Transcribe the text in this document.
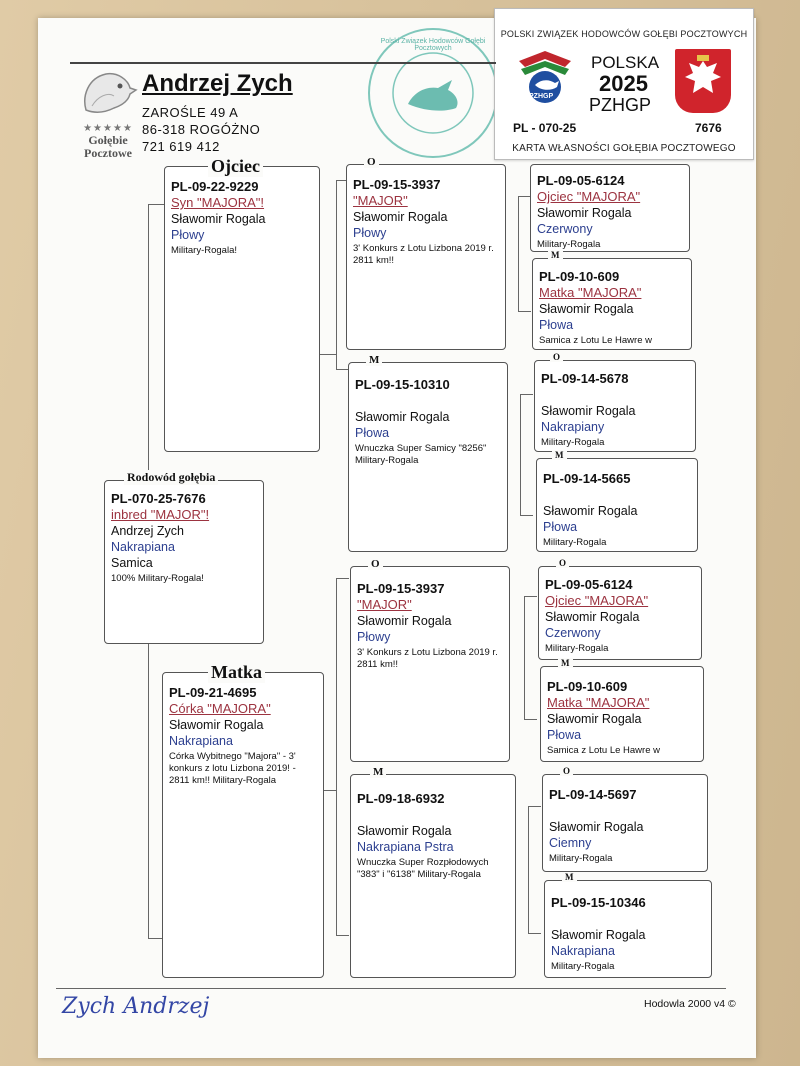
★★★★★
Gołębie
Pocztowe
Andrzej Zych
ZAROŚLE 49 A
86-318 ROGÓŻNO
721 619 412
Polski Związek Hodowców Gołębi Pocztowych
POLSKI ZWIĄZEK HODOWCÓW GOŁĘBI POCZTOWYCH
PZHGP
POLSKA
2025
PZHGP
PL - 070-25	7676
KARTA WŁASNOŚCI GOŁĘBIA POCZTOWEGO
PL-070-25-7676
inbred "MAJOR"!
Andrzej Zych
Nakrapiana
Samica
100% Military-Rogala!
Rodowód gołębia
PL-09-22-9229
Syn "MAJORA"!
Sławomir Rogala
Płowy
Military-Rogala!
Ojciec
PL-09-21-4695
Córka "MAJORA"
Sławomir Rogala
Nakrapiana
Córka Wybitnego "Majora" - 3' konkurs z lotu Lizbona 2019! - 2811 km!! Military-Rogala
Matka
PL-09-15-3937
"MAJOR"
Sławomir Rogala
Płowy
3' Konkurs z Lotu Lizbona 2019 r. 2811 km!!
O
PL-09-15-10310
Sławomir Rogala
Płowa
Wnuczka Super Samicy "8256" Military-Rogala
M
PL-09-15-3937
"MAJOR"
Sławomir Rogala
Płowy
3' Konkurs z Lotu Lizbona 2019 r. 2811 km!!
O
PL-09-18-6932
Sławomir Rogala
Nakrapiana Pstra
Wnuczka Super Rozpłodowych "383" i "6138" Military-Rogala
M
PL-09-05-6124
Ojciec "MAJORA"
Sławomir Rogala
Czerwony
Military-Rogala
PL-09-10-609
Matka "MAJORA"
Sławomir Rogala
Płowa
Samica z Lotu Le Hawre w
M
PL-09-14-5678
Sławomir Rogala
Nakrapiany
Military-Rogala
O
PL-09-14-5665
Sławomir Rogala
Płowa
Military-Rogala
M
PL-09-05-6124
Ojciec "MAJORA"
Sławomir Rogala
Czerwony
Military-Rogala
O
PL-09-10-609
Matka "MAJORA"
Sławomir Rogala
Płowa
Samica z Lotu Le Hawre w
M
PL-09-14-5697
Sławomir Rogala
Ciemny
Military-Rogala
O
PL-09-15-10346
Sławomir Rogala
Nakrapiana
Military-Rogala
M
Zych Andrzej	Hodowla 2000 v4 ©
